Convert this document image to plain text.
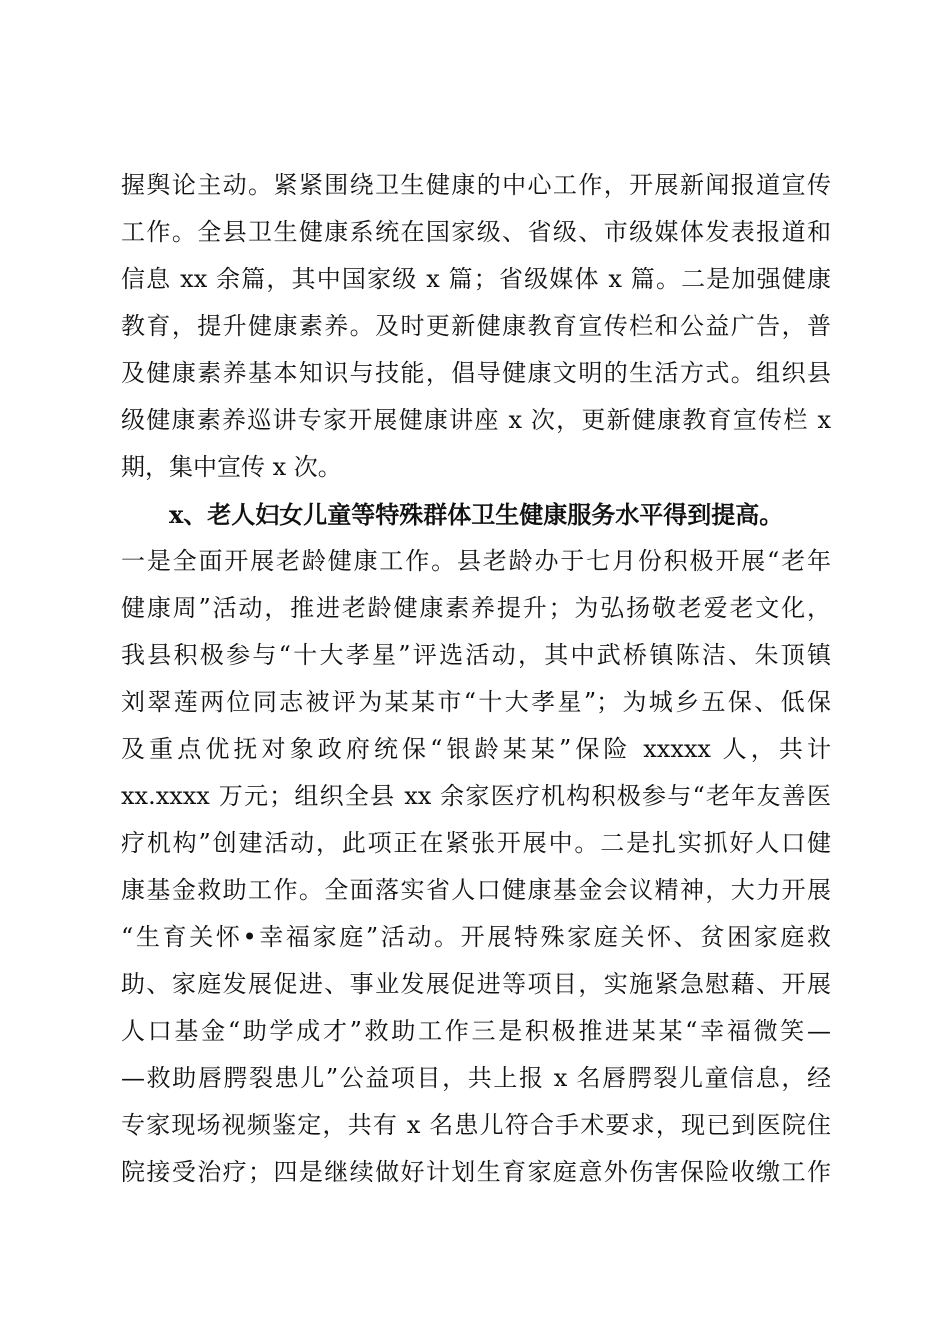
握舆论主动。紧紧围绕卫生健康的中心工作，开展新闻报道宣传
工作。全县卫生健康系统在国家级、省级、市级媒体发表报道和
信息 xx 余篇，其中国家级 x 篇；省级媒体 x 篇。二是加强健康
教育，提升健康素养。及时更新健康教育宣传栏和公益广告，普
及健康素养基本知识与技能，倡导健康文明的生活方式。组织县
级健康素养巡讲专家开展健康讲座 x 次，更新健康教育宣传栏 x
期，集中宣传 x 次。
x、老人妇女儿童等特殊群体卫生健康服务水平得到提高。
一是全面开展老龄健康工作。县老龄办于七月份积极开展“老年
健康周”活动，推进老龄健康素养提升；为弘扬敬老爱老文化，
我县积极参与“十大孝星”评选活动，其中武桥镇陈洁、朱顶镇
刘翠莲两位同志被评为某某市“十大孝星”；为城乡五保、低保
及重点优抚对象政府统保“银龄某某”保险 xxxxx 人，共计
xx.xxxx 万元；组织全县 xx 余家医疗机构积极参与“老年友善医
疗机构”创建活动，此项正在紧张开展中。二是扎实抓好人口健
康基金救助工作。全面落实省人口健康基金会议精神，大力开展
“生育关怀•幸福家庭”活动。开展特殊家庭关怀、贫困家庭救
助、家庭发展促进、事业发展促进等项目，实施紧急慰藉、开展
人口基金“助学成才”救助工作三是积极推进某某“幸福微笑—
—救助唇腭裂患儿”公益项目，共上报 x 名唇腭裂儿童信息，经
专家现场视频鉴定，共有 x 名患儿符合手术要求，现已到医院住
院接受治疗；四是继续做好计划生育家庭意外伤害保险收缴工作
